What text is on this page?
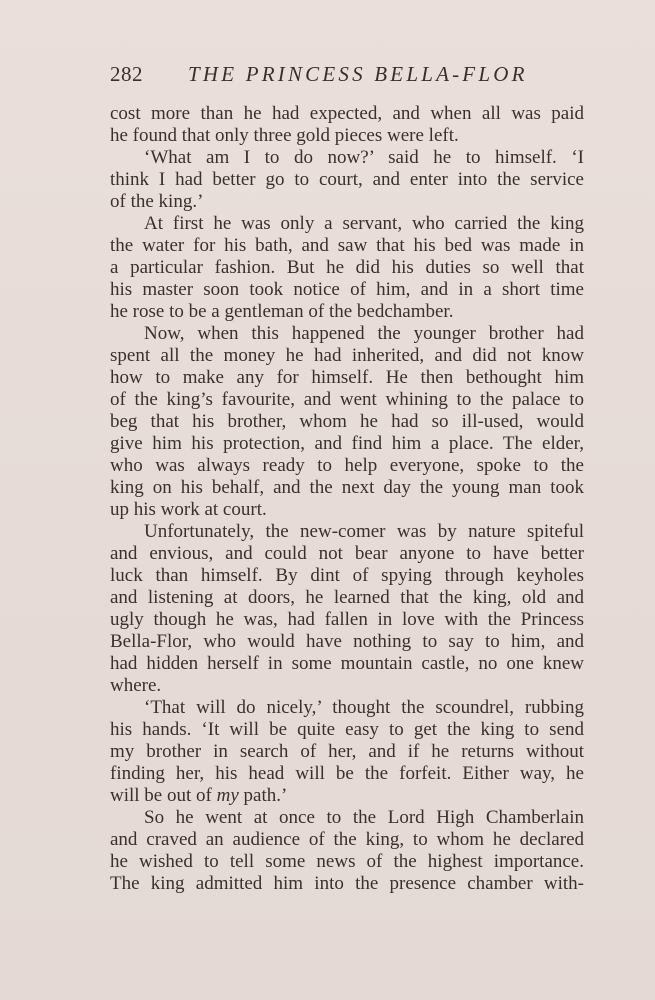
282 THE PRINCESS BELLA-FLOR
cost more than he had expected, and when all was paid
he found that only three gold pieces were left.
‘What am I to do now?’ said he to himself. ‘I
think I had better go to court, and enter into the service
of the king.’
At first he was only a servant, who carried the king
the water for his bath, and saw that his bed was made in
a particular fashion. But he did his duties so well that
his master soon took notice of him, and in a short time
he rose to be a gentleman of the bedchamber.
Now, when this happened the younger brother had
spent all the money he had inherited, and did not know
how to make any for himself. He then bethought him
of the king’s favourite, and went whining to the palace to
beg that his brother, whom he had so ill-used, would
give him his protection, and find him a place. The elder,
who was always ready to help everyone, spoke to the
king on his behalf, and the next day the young man took
up his work at court.
Unfortunately, the new-comer was by nature spiteful
and envious, and could not bear anyone to have better
luck than himself. By dint of spying through keyholes
and listening at doors, he learned that the king, old and
ugly though he was, had fallen in love with the Princess
Bella-Flor, who would have nothing to say to him, and
had hidden herself in some mountain castle, no one knew
where.
‘That will do nicely,’ thought the scoundrel, rubbing
his hands. ‘It will be quite easy to get the king to send
my brother in search of her, and if he returns without
finding her, his head will be the forfeit. Either way, he
will be out of my path.’
So he went at once to the Lord High Chamberlain
and craved an audience of the king, to whom he declared
he wished to tell some news of the highest importance.
The king admitted him into the presence chamber with-
